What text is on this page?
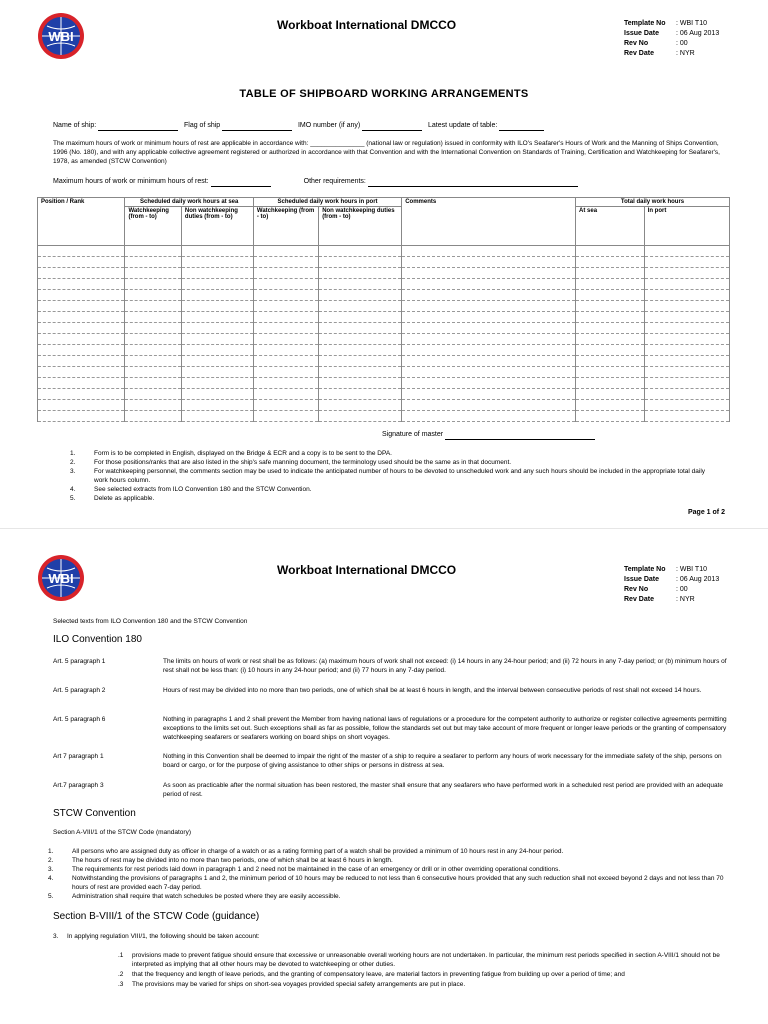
WBI
Workboat International DMCCO	Template No	: WBI T10
Issue Date	: 06 Aug 2013
Rev No	: 00
Rev Date	: NYR
TABLE OF SHIPBOARD WORKING ARRANGEMENTS
Name of ship:	Flag of ship	IMO number (if any)	Latest update of table:
The maximum hours of work or minimum hours of rest are applicable in accordance with: _______________ (national law or regulation) issued in conformity with ILO's Seafarer's Hours of Work and the Manning of Ships Convention, 1996 (No. 180), and with any applicable collective agreement registered or authorized in accordance with that Convention and with the International Convention on Standards of Training, Certification and Watchkeeping for Seafarer's, 1978, as amended (STCW Convention)
Maximum hours of work or minimum hours of rest:	Other requirements:
Position / Rank	Scheduled daily work hours at sea		Scheduled daily work hours in port		Comments	Total daily work hours	
	Watchkeeping (from - to)	Non watchkeeping duties (from - to)	Watchkeeping (from - to)	Non watchkeeping duties (from - to)		At sea	In port

Signature of master
1.	Form is to be completed in English, displayed on the Bridge & ECR and a copy is to be sent to the DPA.
2.	For those positions/ranks that are also listed in the ship's safe manning document, the terminology used should be the same as in that document.
3.	For watchkeeping personnel, the comments section may be used to indicate the anticipated number of hours to be devoted to unscheduled work and any such hours should be included in the appropriate total daily work hours column.
4.	See selected extracts from ILO Convention 180 and the STCW Convention.
5.	Delete as applicable.
Page 1 of 2
WBI
Workboat International DMCCO	Template No	: WBI T10
Issue Date	: 06 Aug 2013
Rev No	: 00
Rev Date	: NYR
Selected texts from ILO Convention 180 and the STCW Convention
ILO Convention 180
Art. 5 paragraph 1	The limits on hours of work or rest shall be as follows: (a) maximum hours of work shall not exceed: (i) 14 hours in any 24-hour period; and (ii) 72 hours in any 7-day period; or (b) minimum hours of rest shall not be less than: (i) 10 hours in any 24-hour period; and (ii) 77 hours in any 7-day period.
Art. 5 paragraph 2	Hours of rest may be divided into no more than two periods, one of which shall be at least 6 hours in length, and the interval between consecutive periods of rest shall not exceed 14 hours.
Art. 5 paragraph 6	Nothing in paragraphs 1 and 2 shall prevent the Member from having national laws of regulations or a procedure for the competent authority to authorize or register collective agreements permitting exceptions to the limits set out. Such exceptions shall as far as possible, follow the standards set out but may take account of more frequent or longer leave periods or the granting of compensatory watchkeeping seafarers or seafarers working on board ships on short voyages.
Art 7 paragraph 1	Nothing in this Convention shall be deemed to impair the right of the master of a ship to require a seafarer to perform any hours of work necessary for the immediate safety of the ship, persons on board or cargo, or for the purpose of giving assistance to other ships or persons in distress at sea.
Art.7 paragraph 3	As soon as practicable after the normal situation has been restored, the master shall ensure that any seafarers who have performed work in a scheduled rest period are provided with an adequate period of rest.
STCW Convention
Section A-VIII/1 of the STCW Code (mandatory)
1.	All persons who are assigned duty as officer in charge of a watch or as a rating forming part of a watch shall be provided a minimum of 10 hours rest in any 24-hour period.
2.	The hours of rest may be divided into no more than two periods, one of which shall be at least 6 hours in length.
3.	The requirements for rest periods laid down in paragraph 1 and 2 need not be maintained in the case of an emergency or drill or in other overriding operational conditions.
4.	Notwithstanding the provisions of paragraphs 1 and 2, the minimum period of 10 hours may be reduced to not less than 6 consecutive hours provided that any such reduction shall not exceed beyond 2 days and not less than 70 hours of rest are provided each 7-day period.
5.	Administration shall require that watch schedules be posted where they are easily accessible.
Section B-VIII/1 of the STCW Code (guidance)
3.	In applying regulation VIII/1, the following should be taken account:
.1	provisions made to prevent fatigue should ensure that excessive or unreasonable overall working hours are not undertaken. In particular, the minimum rest periods specified in section A-VIII/1 should not be interpreted as implying that all other hours may be devoted to watchkeeping or other duties.
.2	that the frequency and length of leave periods, and the granting of compensatory leave, are material factors in preventing fatigue from building up over a period of time; and
.3	The provisions may be varied for ships on short-sea voyages provided special safety arrangements are put in place.
